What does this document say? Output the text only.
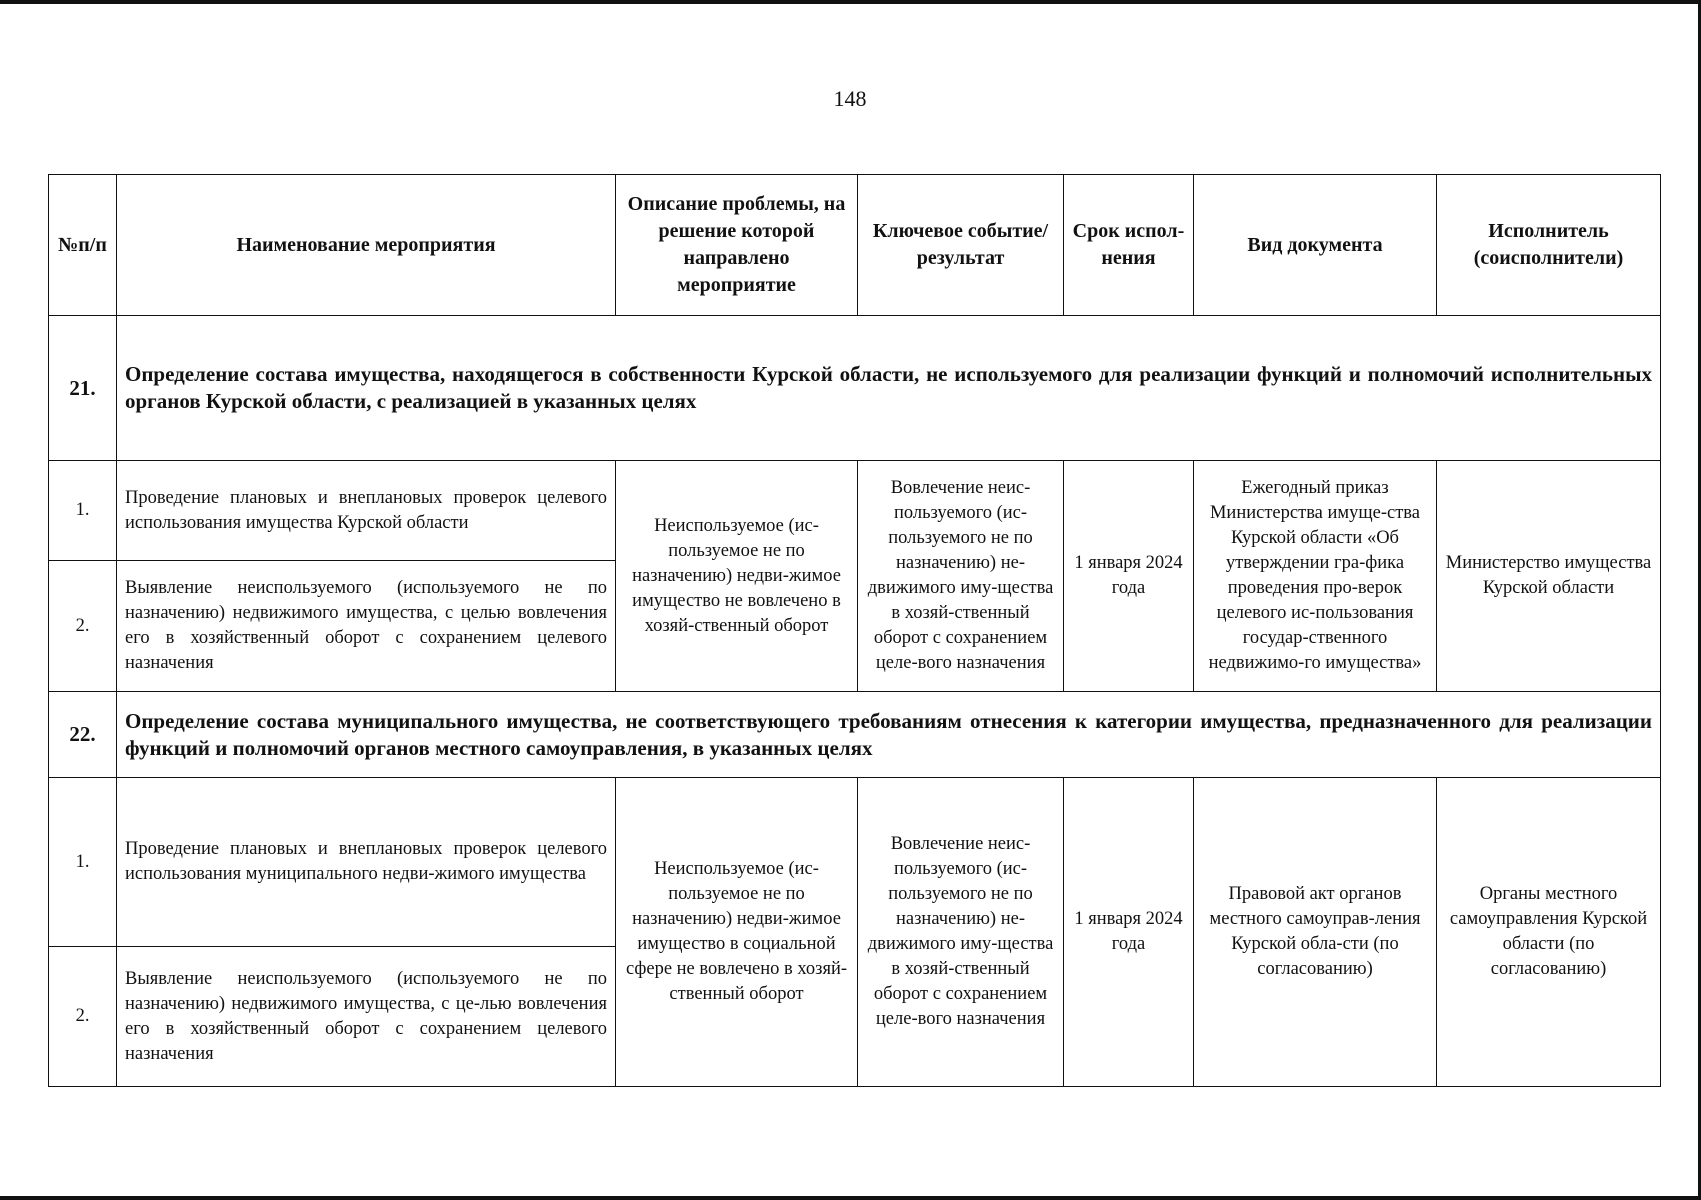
148
№п/п	Наименование мероприятия	Описание проблемы, на решение которой направлено мероприятие	Ключевое событие/ результат	Срок испол-нения	Вид документа	Исполнитель (соисполнители)
21.	Определение состава имущества, находящегося в собственности Курской области, не используемого для реализации функций и полномочий исполнительных органов Курской области, с реализацией в указанных целях					
1.	Проведение плановых и внеплановых проверок целевого использования имущества Курской области	Неиспользуемое (ис-пользуемое не по назначению) недви-жимое имущество не вовлечено в хозяй-ственный оборот	Вовлечение неис-пользуемого (ис-пользуемого не по назначению) не-движимого иму-щества в хозяй-ственный оборот с сохранением целе-вого назначения	1 января 2024 года	Ежегодный приказ Министерства имуще-ства Курской области «Об утверждении гра-фика проведения про-верок целевого ис-пользования государ-ственного недвижимо-го имущества»	Министерство имущества Курской области
2.	Выявление неиспользуемого (используемого не по назначению) недвижимого имущества, с целью вовлечения его в хозяйственный оборот с сохранением целевого назначения					
22.	Определение состава муниципального имущества, не соответствующего требованиям отнесения к категории имущества, предназначенного для реализации функций и полномочий органов местного самоуправления, в указанных целях					
1.	Проведение плановых и внеплановых проверок целевого использования муниципального недви-жимого имущества	Неиспользуемое (ис-пользуемое не по назначению) недви-жимое имущество в социальной сфере не вовлечено в хозяй-ственный оборот	Вовлечение неис-пользуемого (ис-пользуемого не по назначению) не-движимого иму-щества в хозяй-ственный оборот с сохранением целе-вого назначения	1 января 2024 года	Правовой акт органов местного самоуправ-ления Курской обла-сти (по согласованию)	Органы местного самоуправления Курской области (по согласованию)
2.	Выявление неиспользуемого (используемого не по назначению) недвижимого имущества, с це-лью вовлечения его в хозяйственный оборот с сохранением целевого назначения					
